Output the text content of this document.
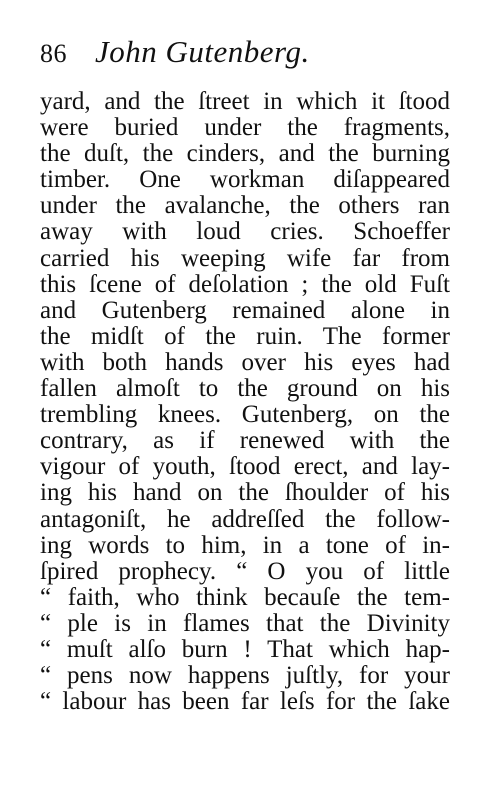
86 John Gutenberg.
yard, and the ſtreet in which it ſtood
were buried under the fragments,
the duſt, the cinders, and the burning
timber. One workman diſappeared
under the avalanche, the others ran
away with loud cries. Schoeffer
carried his weeping wife far from
this ſcene of deſolation ; the old Fuſt
and Gutenberg remained alone in
the midſt of the ruin. The former
with both hands over his eyes had
fallen almoſt to the ground on his
trembling knees. Gutenberg, on the
contrary, as if renewed with the
vigour of youth, ſtood erect, and lay-
ing his hand on the ſhoulder of his
antagoniſt, he addreſſed the follow-
ing words to him, in a tone of in-
ſpired prophecy. “ O you of little
“ faith, who think becauſe the tem-
“ ple is in flames that the Divinity
“ muſt alſo burn ! That which hap-
“ pens now happens juſtly, for your
“ labour has been far leſs for the ſake
